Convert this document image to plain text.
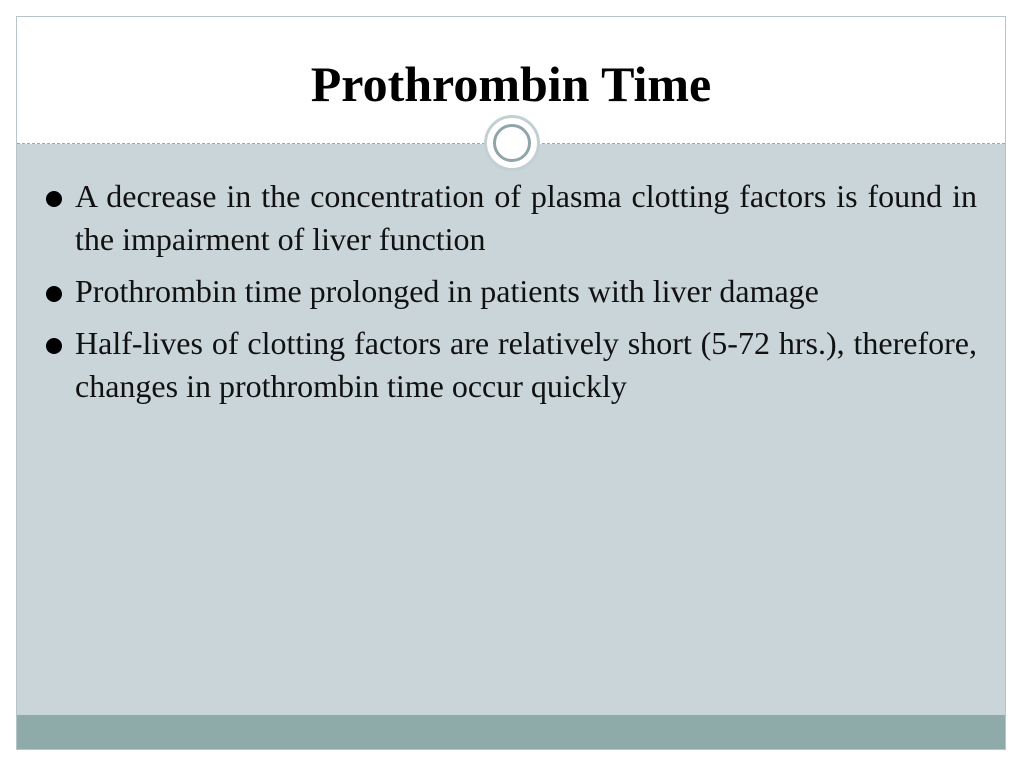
Prothrombin Time
A decrease in the concentration of plasma clotting factors is found in the impairment of liver function
Prothrombin time prolonged in patients with liver damage
Half-lives of clotting factors are relatively short (5-72 hrs.), therefore, changes in prothrombin time occur quickly
